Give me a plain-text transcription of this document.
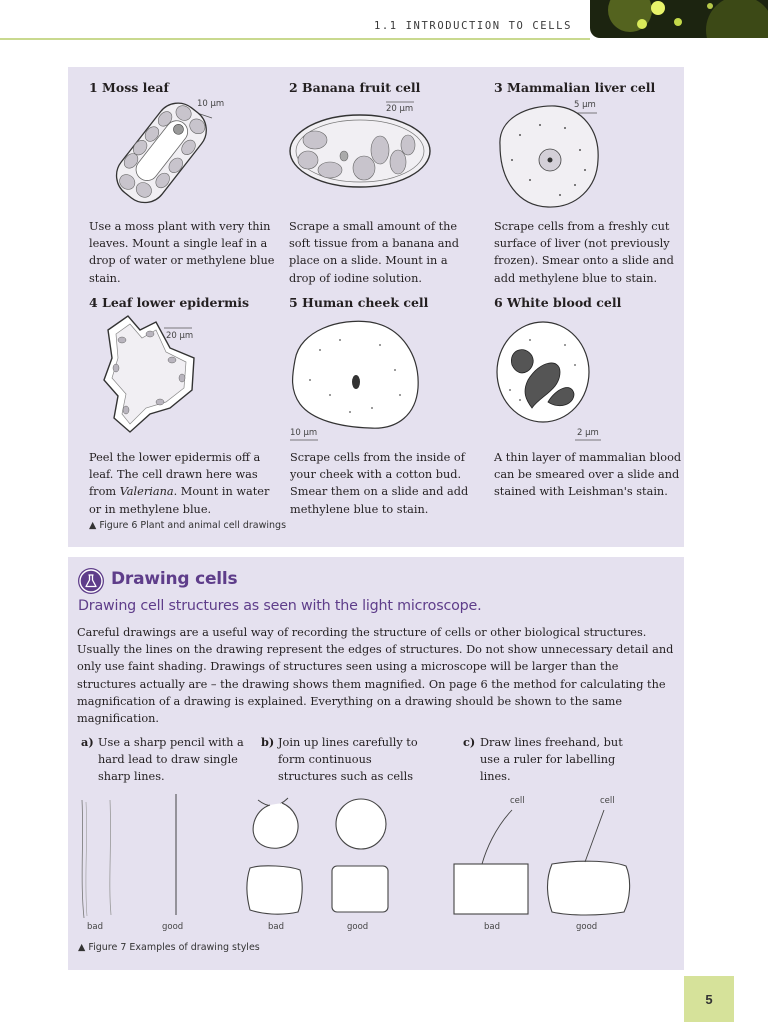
1.1 INTRODUCTION TO CELLS
1 Moss leaf
10 μm
Use a moss plant with very thin leaves. Mount a single leaf in a drop of water or methylene blue stain.
2 Banana fruit cell
20 μm
Scrape a small amount of the soft tissue from a banana and place on a slide. Mount in a drop of iodine solution.
3 Mammalian liver cell
5 μm
Scrape cells from a freshly cut surface of liver (not previously frozen). Smear onto a slide and add methylene blue to stain.
4 Leaf lower epidermis
20 μm
Peel the lower epidermis off a leaf. The cell drawn here was from Valeriana. Mount in water or in methylene blue.
5 Human cheek cell
10 μm
Scrape cells from the inside of your cheek with a cotton bud. Smear them on a slide and add methylene blue to stain.
6 White blood cell
2 μm
A thin layer of mammalian blood can be smeared over a slide and stained with Leishman's stain.
▲ Figure 6 Plant and animal cell drawings
Drawing cells
Drawing cell structures as seen with the light microscope.
Careful drawings are a useful way of recording the structure of cells or other biological structures. Usually the lines on the drawing represent the edges of structures. Do not show unnecessary detail and only use faint shading. Drawings of structures seen using a microscope will be larger than the structures actually are – the drawing shows them magnified. On page 6 the method for calculating the magnification of a drawing is explained. Everything on a drawing should be shown to the same magnification.
a) Use a sharp pencil with a hard lead to draw single sharp lines.
b) Join up lines carefully to form continuous structures such as cells
c) Draw lines freehand, but use a ruler for labelling lines.
bad	good	bad	good	bad	good
cell	cell
▲ Figure 7 Examples of drawing styles
5
